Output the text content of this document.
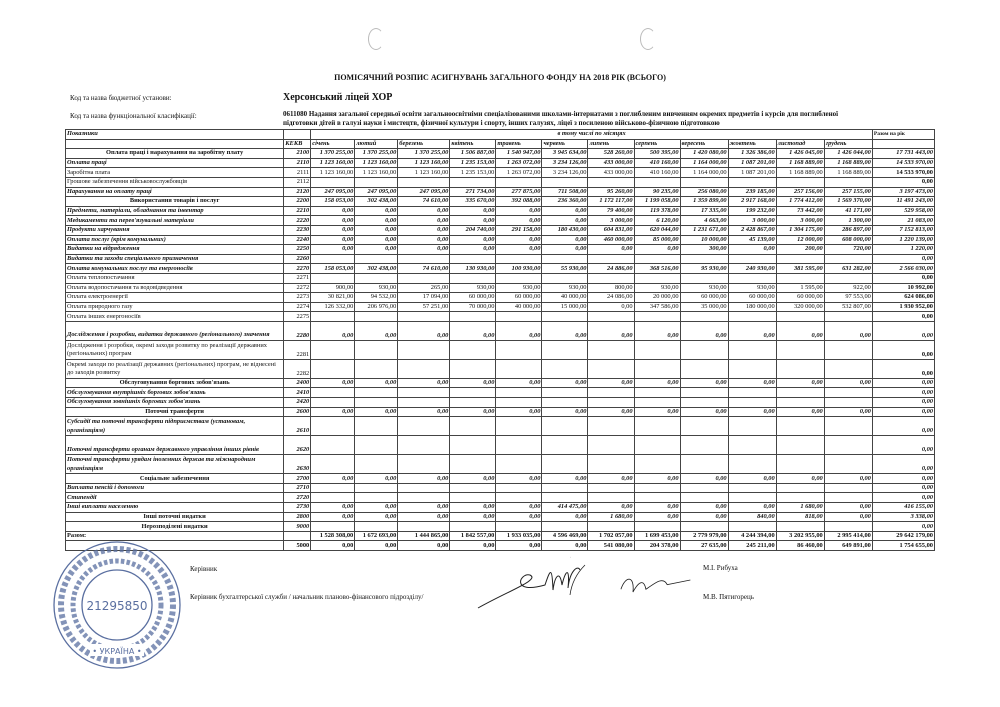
ПОМІСЯЧНИЙ РОЗПИС АСИГНУВАНЬ ЗАГАЛЬНОГО ФОНДУ НА 2018 РІК (ВСЬОГО)
Код та назва бюджетної установи:	Херсонський ліцей ХОР
Код та назва функціональної класифікації:	0611080 Надання загальної середньої освіти загальноосвітніми спеціалізованими школами-інтернатами з поглибленим вивченням окремих предметів і курсів для поглибленої
підготовки дітей в галузі науки і мистецтв, фізичної культури і спорту, інших галузях, ліцеї з посиленою військово-фізичною підготовкою
Показники		в тому числі по місяцях												Разом на рік
	КЕКВ	січень	лютий	березень	квітень	травень	червень	липень	серпень	вересень	жовтень	листопад	грудень	
Оплата праці і нарахування на заробітну плату	2100	1 370 255,00	1 370 255,00	1 370 255,00	1 506 887,00	1 540 947,00	3 945 634,00	528 260,00	500 395,00	1 420 080,00	1 326 386,00	1 426 045,00	1 426 044,00	17 731 443,00
Оплата праці	2110	1 123 160,00	1 123 160,00	1 123 160,00	1 235 153,00	1 263 072,00	3 234 126,00	433 000,00	410 160,00	1 164 000,00	1 087 201,00	1 168 889,00	1 168 889,00	14 533 970,00
Заробітна плата	2111	1 123 160,00	1 123 160,00	1 123 160,00	1 235 153,00	1 263 072,00	3 234 126,00	433 000,00	410 160,00	1 164 000,00	1 087 201,00	1 168 889,00	1 168 889,00	14 533 970,00
Грошове забезпечення військовослужбовців	2112													0,00
Нарахування на оплату праці	2120	247 095,00	247 095,00	247 095,00	271 734,00	277 875,00	711 508,00	95 260,00	90 235,00	256 080,00	239 185,00	257 156,00	257 155,00	3 197 473,00
Використання товарів і послуг	2200	158 053,00	302 438,00	74 610,00	335 670,00	392 088,00	236 360,00	1 172 117,00	1 199 058,00	1 359 899,00	2 917 168,00	1 774 412,00	1 569 370,00	11 491 243,00
Предмети, матеріали, обладнання та інвентар	2210	0,00	0,00	0,00	0,00	0,00	0,00	79 400,00	119 378,00	17 335,00	199 232,00	73 442,00	41 171,00	529 958,00
Медикаменти та перев'язувальні матеріали	2220	0,00	0,00	0,00	0,00	0,00	0,00	3 000,00	6 120,00	4 663,00	3 000,00	3 000,00	1 300,00	21 083,00
Продукти харчування	2230	0,00	0,00	0,00	204 740,00	291 158,00	180 430,00	604 831,00	620 044,00	1 231 671,00	2 428 867,00	1 304 175,00	286 897,00	7 152 813,00
Оплата послуг (крім комунальних)	2240	0,00	0,00	0,00	0,00	0,00	0,00	460 000,00	85 000,00	10 000,00	45 139,00	12 000,00	608 000,00	1 220 139,00
Видатки на відрядження	2250	0,00	0,00	0,00	0,00	0,00	0,00	0,00	0,00	300,00	0,00	200,00	720,00	1 220,00
Видатки та заходи спеціального призначення	2260													0,00
Оплата комунальних послуг та енергоносіїв	2270	158 053,00	302 438,00	74 610,00	130 930,00	100 930,00	55 930,00	24 886,00	368 516,00	95 930,00	240 930,00	381 595,00	631 282,00	2 566 030,00
Оплата теплопостачання	2271													0,00
Оплата водопостачання та водовідведення	2272	900,00	930,00	265,00	930,00	930,00	930,00	800,00	930,00	930,00	930,00	1 595,00	922,00	10 992,00
Оплата електроенергії	2273	30 821,00	94 532,00	17 094,00	60 000,00	60 000,00	40 000,00	24 086,00	20 000,00	60 000,00	60 000,00	60 000,00	97 553,00	624 086,00
Оплата природного газу	2274	126 332,00	206 976,00	57 251,00	70 000,00	40 000,00	15 000,00	0,00	347 586,00	35 000,00	180 000,00	320 000,00	532 807,00	1 930 952,00
Оплата інших енергоносіїв	2275													0,00
Дослідження і розробки, видатки державного (регіонального) значення	2280	0,00	0,00	0,00	0,00	0,00	0,00	0,00	0,00	0,00	0,00	0,00	0,00	0,00
Дослідження і розробки, окремі заходи розвитку по реалізації державних (регіональних) програм	2281													0,00
Окремі заходи по реалізації державних (регіональних) програм, не віднесені до заходів розвитку	2282													0,00
Обслуговування боргових зобов'язань	2400	0,00	0,00	0,00	0,00	0,00	0,00	0,00	0,00	0,00	0,00	0,00	0,00	0,00
Обслуговування внутрішніх боргових зобов'язань	2410													0,00
Обслуговування зовнішніх боргових зобов'язань	2420													0,00
Поточні трансферти	2600	0,00	0,00	0,00	0,00	0,00	0,00	0,00	0,00	0,00	0,00	0,00	0,00	0,00
Субсидії та поточні трансферти підприємствам (установам, організаціям)	2610													0,00
Поточні трансферти органам державного управління інших рівнів	2620													0,00
Поточні трансферти урядам іноземних держав та міжнародним організаціям	2630													0,00
Соціальне забезпечення	2700	0,00	0,00	0,00	0,00	0,00	0,00	0,00	0,00	0,00	0,00	0,00	0,00	0,00
Виплата пенсій і допомоги	2710													0,00
Стипендії	2720													0,00
Інші виплати населенню	2730	0,00	0,00	0,00	0,00	0,00	414 475,00	0,00	0,00	0,00	0,00	1 680,00	0,00	416 155,00
Інші поточні видатки	2800	0,00	0,00	0,00	0,00	0,00	0,00	1 680,00	0,00	0,00	840,00	818,00	0,00	3 338,00
Нерозподілені видатки	9000													0,00
Разом:		1 528 308,00	1 672 693,00	1 444 865,00	1 842 557,00	1 933 035,00	4 596 469,00	1 702 057,00	1 699 453,00	2 779 979,00	4 244 394,00	3 202 955,00	2 995 414,00	29 642 179,00
	5000	0,00	0,00	0,00	0,00	0,00	0,00	541 080,00	204 378,00	27 635,00	245 211,00	86 460,00	649 891,00	1 754 655,00
21295850
• УКРАЇНА •
Керівник
Керівник бухгалтерської служби / начальник планово-фінансового підрозділу/
М.І. Рибуха
М.В. Пятигорець
